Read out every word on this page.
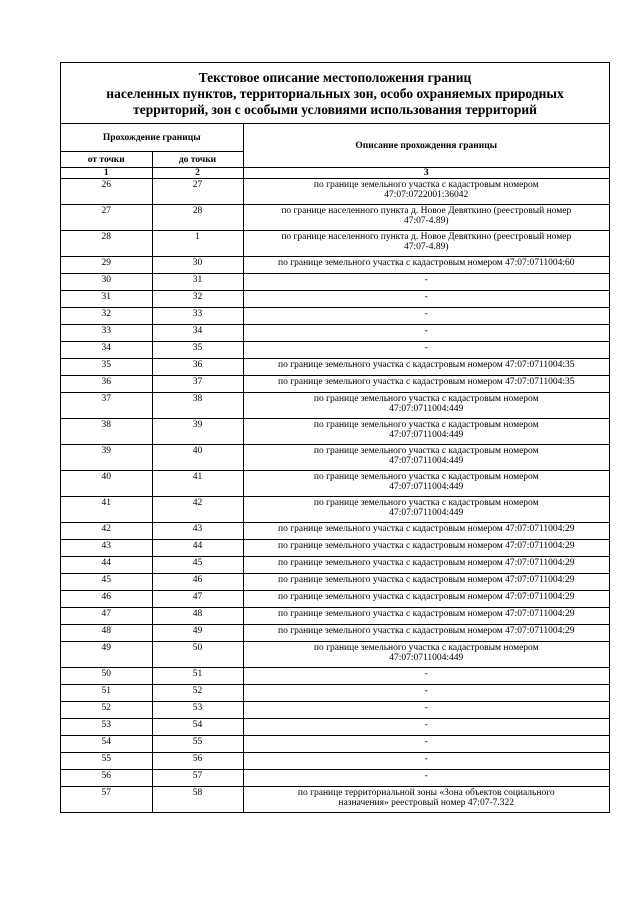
Текстовое описание местоположения границ
населенных пунктов, территориальных зон, особо охраняемых природных
территорий, зон с особыми условиями использования территорий
Прохождение границы		Описание прохождения границы
от точки	до точки	
1	2	3
26	27	по границе земельного участка с кадастровым номером
47:07:0722001:36042

27	28	по границе населенного пункта д. Новое Девяткино (реестровый номер
47:07-4.89)

28	1	по границе населенного пункта д. Новое Девяткино (реестровый номер
47:07-4.89)

29	30	по границе земельного участка с кадастровым номером 47:07:0711004:60

30	31	-

31	32	-

32	33	-

33	34	-

34	35	-

35	36	по границе земельного участка с кадастровым номером 47:07:0711004:35

36	37	по границе земельного участка с кадастровым номером 47:07:0711004:35

37	38	по границе земельного участка с кадастровым номером
47:07:0711004:449

38	39	по границе земельного участка с кадастровым номером
47:07:0711004:449

39	40	по границе земельного участка с кадастровым номером
47:07:0711004:449

40	41	по границе земельного участка с кадастровым номером
47:07:0711004:449

41	42	по границе земельного участка с кадастровым номером
47:07:0711004:449

42	43	по границе земельного участка с кадастровым номером 47:07:0711004:29

43	44	по границе земельного участка с кадастровым номером 47:07:0711004:29

44	45	по границе земельного участка с кадастровым номером 47:07:0711004:29

45	46	по границе земельного участка с кадастровым номером 47:07:0711004:29

46	47	по границе земельного участка с кадастровым номером 47:07:0711004:29

47	48	по границе земельного участка с кадастровым номером 47:07:0711004:29

48	49	по границе земельного участка с кадастровым номером 47:07:0711004:29

49	50	по границе земельного участка с кадастровым номером
47:07:0711004:449

50	51	-

51	52	-

52	53	-

53	54	-

54	55	-

55	56	-

56	57	-

57	58	по границе территориальной зоны «Зона объектов социального
назначения» реестровый номер 47:07-7.322
